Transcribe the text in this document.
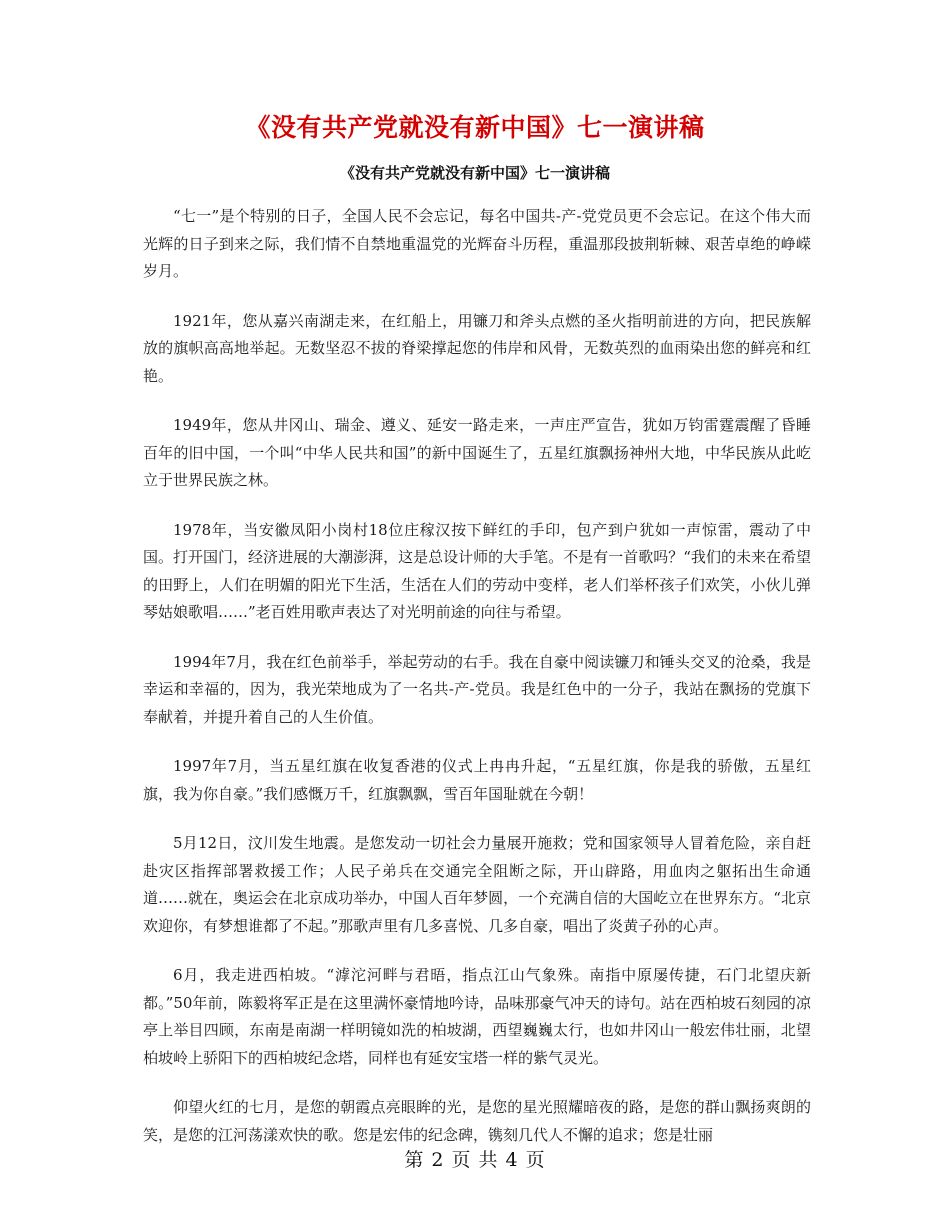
《没有共产党就没有新中国》七一演讲稿
《没有共产党就没有新中国》七一演讲稿

“七一”是个特别的日子，全国人民不会忘记，每名中国共-产-党党员更不会忘记。在这个伟大而光辉的日子到来之际，我们情不自禁地重温党的光辉奋斗历程，重温那段披荆斩棘、艰苦卓绝的峥嵘岁月。

1921年，您从嘉兴南湖走来，在红船上，用镰刀和斧头点燃的圣火指明前进的方向，把民族解放的旗帜高高地举起。无数坚忍不拔的脊梁撑起您的伟岸和风骨，无数英烈的血雨染出您的鲜亮和红艳。

1949年，您从井冈山、瑞金、遵义、延安一路走来，一声庄严宣告，犹如万钧雷霆震醒了昏睡百年的旧中国，一个叫“中华人民共和国”的新中国诞生了，五星红旗飘扬神州大地，中华民族从此屹立于世界民族之林。

1978年，当安徽凤阳小岗村18位庄稼汉按下鲜红的手印，包产到户犹如一声惊雷，震动了中国。打开国门，经济进展的大潮澎湃，这是总设计师的大手笔。不是有一首歌吗？“我们的未来在希望的田野上，人们在明媚的阳光下生活，生活在人们的劳动中变样，老人们举杯孩子们欢笑，小伙儿弹琴姑娘歌唱……”老百姓用歌声表达了对光明前途的向往与希望。

1994年7月，我在红色前举手，举起劳动的右手。我在自豪中阅读镰刀和锤头交叉的沧桑，我是幸运和幸福的，因为，我光荣地成为了一名共-产-党员。我是红色中的一分子，我站在飘扬的党旗下奉献着，并提升着自己的人生价值。

1997年7月，当五星红旗在收复香港的仪式上冉冉升起，“五星红旗，你是我的骄傲，五星红旗，我为你自豪。”我们感慨万千，红旗飘飘，雪百年国耻就在今朝！

5月12日，汶川发生地震。是您发动一切社会力量展开施救；党和国家领导人冒着危险，亲自赶赴灾区指挥部署救援工作；人民子弟兵在交通完全阻断之际，开山辟路，用血肉之躯拓出生命通道……就在，奥运会在北京成功举办，中国人百年梦圆，一个充满自信的大国屹立在世界东方。“北京欢迎你，有梦想谁都了不起。”那歌声里有几多喜悦、几多自豪，唱出了炎黄子孙的心声。

6月，我走进西柏坡。“滹沱河畔与君晤，指点江山气象殊。南指中原屡传捷，石门北望庆新都。”50年前，陈毅将军正是在这里满怀豪情地吟诗，品味那豪气冲天的诗句。站在西柏坡石刻园的凉亭上举目四顾，东南是南湖一样明镜如洗的柏坡湖，西望巍巍太行，也如井冈山一般宏伟壮丽，北望柏坡岭上骄阳下的西柏坡纪念塔，同样也有延安宝塔一样的紫气灵光。

仰望火红的七月，是您的朝霞点亮眼眸的光，是您的星光照耀暗夜的路，是您的群山飘扬爽朗的笑，是您的江河荡漾欢快的歌。您是宏伟的纪念碑，镌刻几代人不懈的追求；您是壮丽

第 2 页 共 4 页
